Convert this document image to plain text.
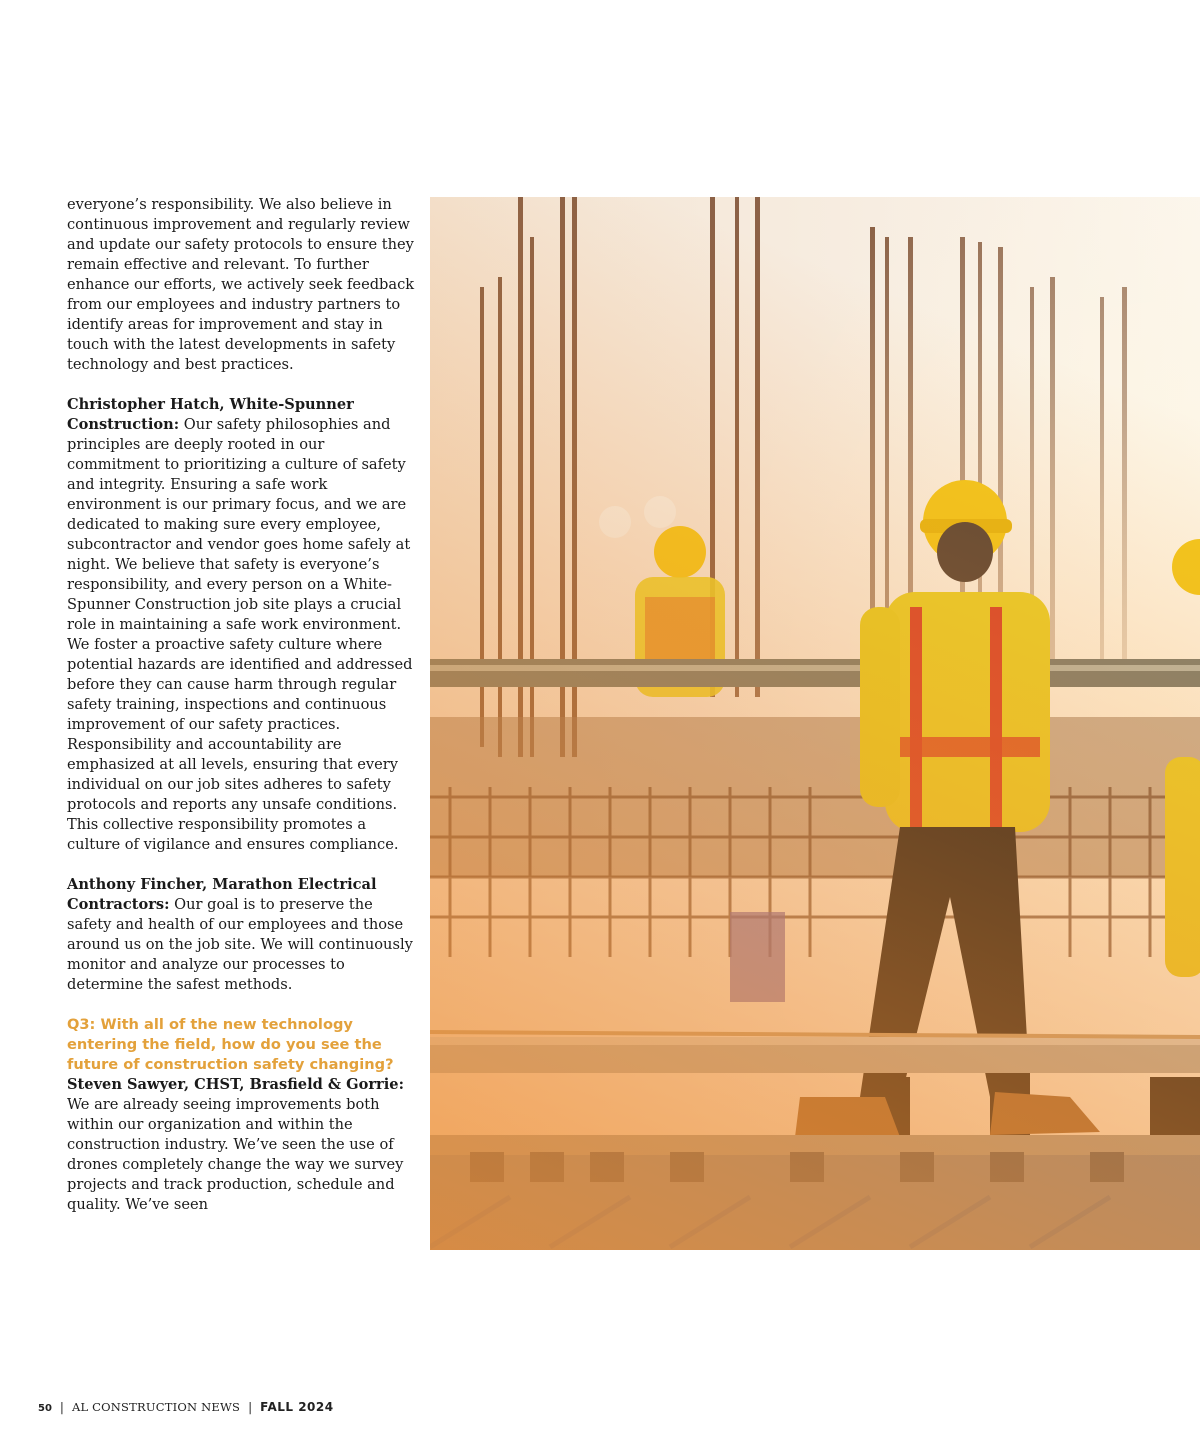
everyone’s responsibility. We also believe in continuous improvement and regularly review and update our safety protocols to ensure they remain effective and relevant. To further enhance our efforts, we actively seek feedback from our employees and industry partners to identify areas for improvement and stay in touch with the latest developments in safety technology and best practices.

Christopher Hatch, White-Spunner Construction: Our safety philosophies and principles are deeply rooted in our commitment to prioritizing a culture of safety and integrity. Ensuring a safe work environment is our primary focus, and we are dedicated to making sure every employee, subcontractor and vendor goes home safely at night. We believe that safety is everyone’s responsibility, and every person on a White-Spunner Construction job site plays a crucial role in maintaining a safe work environment. We foster a proactive safety culture where potential hazards are identified and addressed before they can cause harm through regular safety training, inspections and continuous improvement of our safety practices. Responsibility and accountability are emphasized at all levels, ensuring that every individual on our job sites adheres to safety protocols and reports any unsafe conditions. This collective responsibility promotes a culture of vigilance and ensures compliance.

Anthony Fincher, Marathon Electrical Contractors: Our goal is to preserve the safety and health of our employees and those around us on the job site. We will continuously monitor and analyze our processes to determine the safest methods.

Q3: With all of the new technology entering the field, how do you see the future of construction safety changing?

Steven Sawyer, CHST, Brasfield & Gorrie: We are already seeing improvements both within our organization and within the construction industry. We’ve seen the use of drones completely change the way we survey projects and track production, schedule and quality. We’ve seen

50 | AL CONSTRUCTION NEWS | FALL 2024
